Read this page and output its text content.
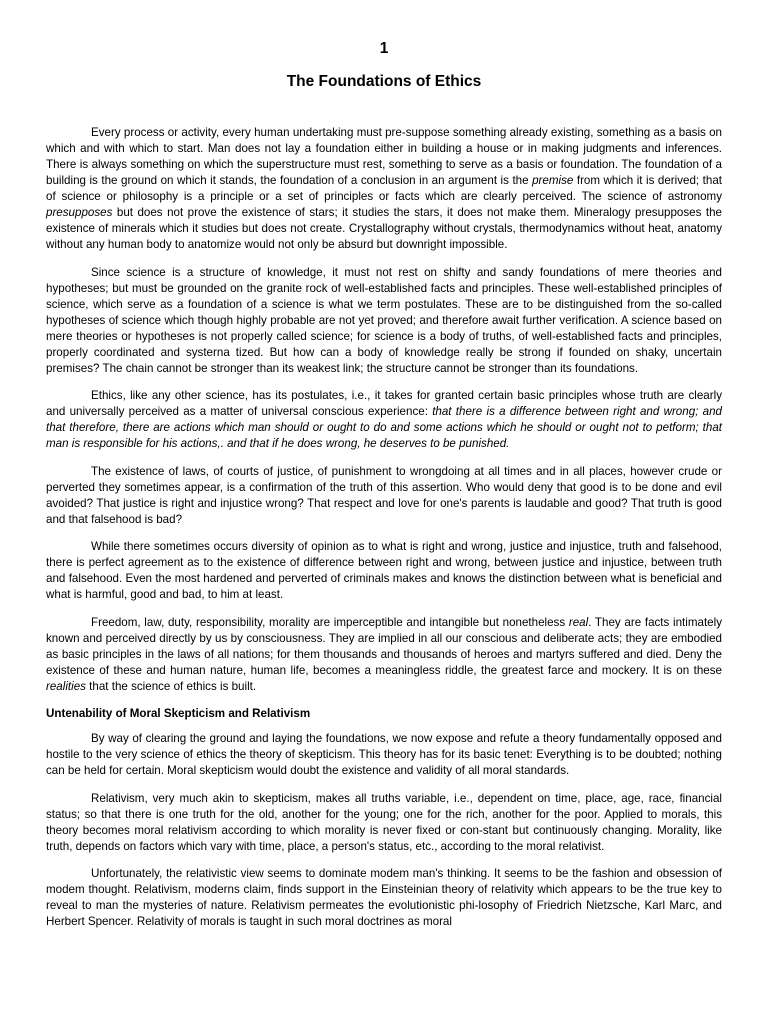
1
The Foundations of Ethics

Every process or activity, every human undertaking must pre-suppose something already existing, something as a basis on which and with which to start. Man does not lay a foundation either in building a house or in making judgments and inferences. There is always something on which the superstructure must rest, something to serve as a basis or foundation. The foundation of a building is the ground on which it stands, the foundation of a conclusion in an argument is the premise from which it is derived; that of science or philosophy is a principle or a set of principles or facts which are clearly perceived. The science of astronomy presupposes but does not prove the existence of stars; it studies the stars, it does not make them. Mineralogy presupposes the existence of minerals which it studies but does not create. Crystallography without crystals, thermodynamics without heat, anatomy without any human body to anatomize would not only be absurd but downright impossible.

Since science is a structure of knowledge, it must not rest on shifty and sandy foundations of mere theories and hypotheses; but must be grounded on the granite rock of well-established facts and principles. These well-established principles of science, which serve as a foundation of a science is what we term postulates. These are to be distinguished from the so-called hypotheses of science which though highly probable are not yet proved; and therefore await further verification. A science based on mere theories or hypotheses is not properly called science; for science is a body of truths, of well-established facts and principles, properly coordinated and systerna tized. But how can a body of knowledge really be strong if founded on shaky, uncertain premises? The chain cannot be stronger than its weakest link; the structure cannot be stronger than its foundations.

Ethics, like any other science, has its postulates, i.e., it takes for granted certain basic principles whose truth are clearly and universally perceived as a matter of universal conscious experience: that there is a difference between right and wrong; and that therefore, there are actions which man should or ought to do and some actions which he should or ought not to petform; that man is responsible for his actions,. and that if he does wrong, he deserves to be punished.

The existence of laws, of courts of justice, of punishment to wrongdoing at all times and in all places, however crude or perverted they sometimes appear, is a confirmation of the truth of this assertion. Who would deny that good is to be done and evil avoided? That justice is right and injustice wrong? That respect and love for one's parents is laudable and good? That truth is good and that falsehood is bad?

While there sometimes occurs diversity of opinion as to what is right and wrong, justice and injustice, truth and falsehood, there is perfect agreement as to the existence of difference between right and wrong, between justice and injustice, between truth and falsehood. Even the most hardened and perverted of criminals makes and knows the distinction between what is beneficial and what is harmful, good and bad, to him at least.

Freedom, law, duty, responsibility, morality are imperceptible and intangible but nonetheless real. They are facts intimately known and perceived directly by us by consciousness. They are implied in all our conscious and deliberate acts; they are embodied as basic principles in the laws of all nations; for them thousands and thousands of heroes and martyrs suffered and died. Deny the existence of these and human nature, human life, becomes a meaningless riddle, the greatest farce and mockery. It is on these realities that the science of ethics is built.

Untenability of Moral Skepticism and Relativism

By way of clearing the ground and laying the foundations, we now expose and refute a theory fundamentally opposed and hostile to the very science of ethics the theory of skepticism. This theory has for its basic tenet: Everything is to be doubted; nothing can be held for certain. Moral skepticism would doubt the existence and validity of all moral standards.

Relativism, very much akin to skepticism, makes all truths variable, i.e., dependent on time, place, age, race, financial status; so that there is one truth for the old, another for the young; one for the rich, another for the poor. Applied to morals, this theory becomes moral relativism according to which morality is never fixed or con-stant but continuously changing. Morality, like truth, depends on factors which vary with time, place, a person's status, etc., according to the moral relativist.

Unfortunately, the relativistic view seems to dominate modem man's thinking. It seems to be the fashion and obsession of modem thought. Relativism, moderns claim, finds support in the Einsteinian theory of relativity which appears to be the true key to reveal to man the mysteries of nature. Relativism permeates the evolutionistic phi-losophy of Friedrich Nietzsche, Karl Marc, and Herbert Spencer. Relativity of morals is taught in such moral doctrines as moral
